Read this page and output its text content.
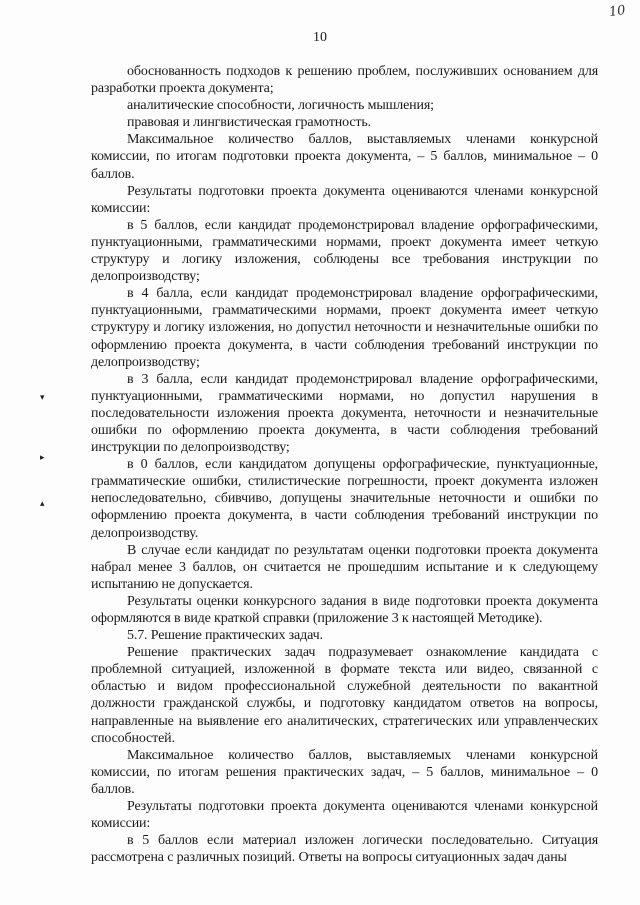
10
10
▾
▸
▴

обоснованность подходов к решению проблем, послуживших основанием для разработки проекта документа;

аналитические способности, логичность мышления;

правовая и лингвистическая грамотность.

Максимальное количество баллов, выставляемых членами конкурсной комиссии, по итогам подготовки проекта документа, – 5 баллов, минимальное – 0 баллов.

Результаты подготовки проекта документа оцениваются членами конкурсной комиссии:

в 5 баллов, если кандидат продемонстрировал владение орфографическими, пунктуационными, грамматическими нормами, проект документа имеет четкую структуру и логику изложения, соблюдены все требования инструкции по делопроизводству;

в 4 балла, если кандидат продемонстрировал владение орфографическими, пунктуационными, грамматическими нормами, проект документа имеет четкую структуру и логику изложения, но допустил неточности и незначительные ошибки по оформлению проекта документа, в части соблюдения требований инструкции по делопроизводству;

в 3 балла, если кандидат продемонстрировал владение орфографическими, пунктуационными, грамматическими нормами, но допустил нарушения в последовательности изложения проекта документа, неточности и незначительные ошибки по оформлению проекта документа, в части соблюдения требований инструкции по делопроизводству;

в 0 баллов, если кандидатом допущены орфографические, пунктуационные, грамматические ошибки, стилистические погрешности, проект документа изложен непоследовательно, сбивчиво, допущены значительные неточности и ошибки по оформлению проекта документа, в части соблюдения требований инструкции по делопроизводству.

В случае если кандидат по результатам оценки подготовки проекта документа набрал менее 3 баллов, он считается не прошедшим испытание и к следующему испытанию не допускается.

Результаты оценки конкурсного задания в виде подготовки проекта документа оформляются в виде краткой справки (приложение 3 к настоящей Методике).

5.7. Решение практических задач.

Решение практических задач подразумевает ознакомление кандидата с проблемной ситуацией, изложенной в формате текста или видео, связанной с областью и видом профессиональной служебной деятельности по вакантной должности гражданской службы, и подготовку кандидатом ответов на вопросы, направленные на выявление его аналитических, стратегических или управленческих способностей.

Максимальное количество баллов, выставляемых членами конкурсной комиссии, по итогам решения практических задач, – 5 баллов, минимальное – 0 баллов.

Результаты подготовки проекта документа оцениваются членами конкурсной комиссии:

в 5 баллов если материал изложен логически последовательно. Ситуация рассмотрена с различных позиций. Ответы на вопросы ситуационных задач даны
